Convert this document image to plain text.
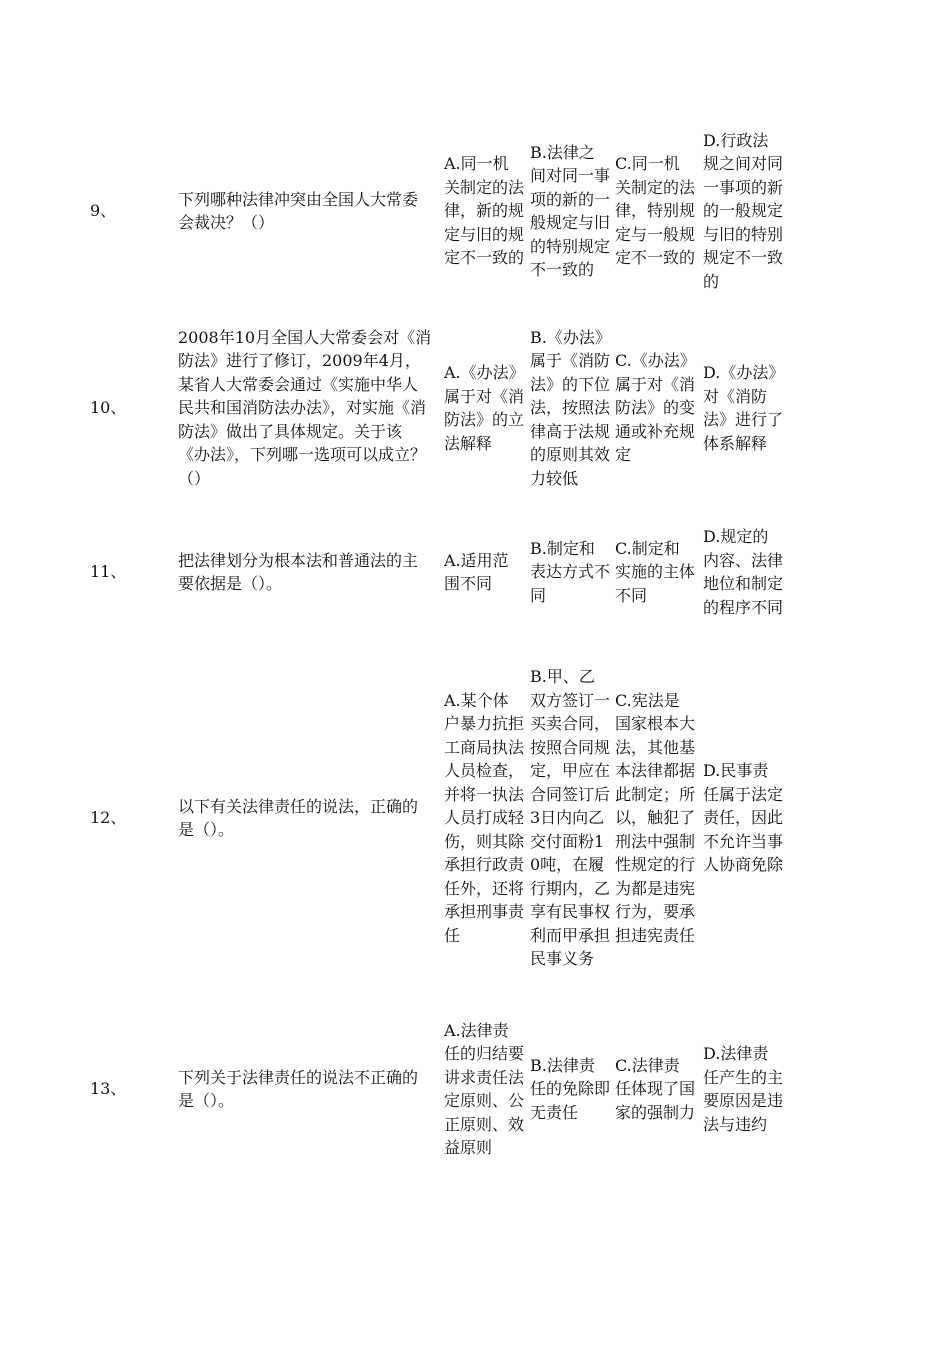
9、
下列哪种法律冲突由全国人大常委会裁决？（）
A.同一机关制定的法律，新的规定与旧的规定不一致的
B.法律之间对同一事项的新的一般规定与旧的特别规定不一致的
C.同一机关制定的法律，特别规定与一般规定不一致的
D.行政法规之间对同一事项的新的一般规定与旧的特别规定不一致的
10、
2008年10月全国人大常委会对《消防法》进行了修订，2009年4月，某省人大常委会通过《实施中华人民共和国消防法办法》，对实施《消防法》做出了具体规定。关于该《办法》，下列哪一选项可以成立？（）
A.《办法》属于对《消防法》的立法解释
B.《办法》属于《消防法》的下位法，按照法律高于法规的原则其效力较低
C.《办法》属于对《消防法》的变通或补充规定
D.《办法》对《消防法》进行了体系解释
11、
把法律划分为根本法和普通法的主要依据是（）。
A.适用范围不同
B.制定和表达方式不同
C.制定和实施的主体不同
D.规定的内容、法律地位和制定的程序不同
12、
以下有关法律责任的说法，正确的是（）。
A.某个体户暴力抗拒工商局执法人员检查，并将一执法人员打成轻伤，则其除承担行政责任外，还将承担刑事责任
B.甲、乙双方签订一买卖合同，按照合同规定，甲应在合同签订后3日内向乙交付面粉10吨，在履行期内，乙享有民事权利而甲承担民事义务
C.宪法是国家根本大法，其他基本法律都据此制定；所以，触犯了刑法中强制性规定的行为都是违宪行为，要承担违宪责任
D.民事责任属于法定责任，因此不允许当事人协商免除
13、
下列关于法律责任的说法不正确的是（）。
A.法律责任的归结要讲求责任法定原则、公正原则、效益原则
B.法律责任的免除即无责任
C.法律责任体现了国家的强制力
D.法律责任产生的主要原因是违法与违约
